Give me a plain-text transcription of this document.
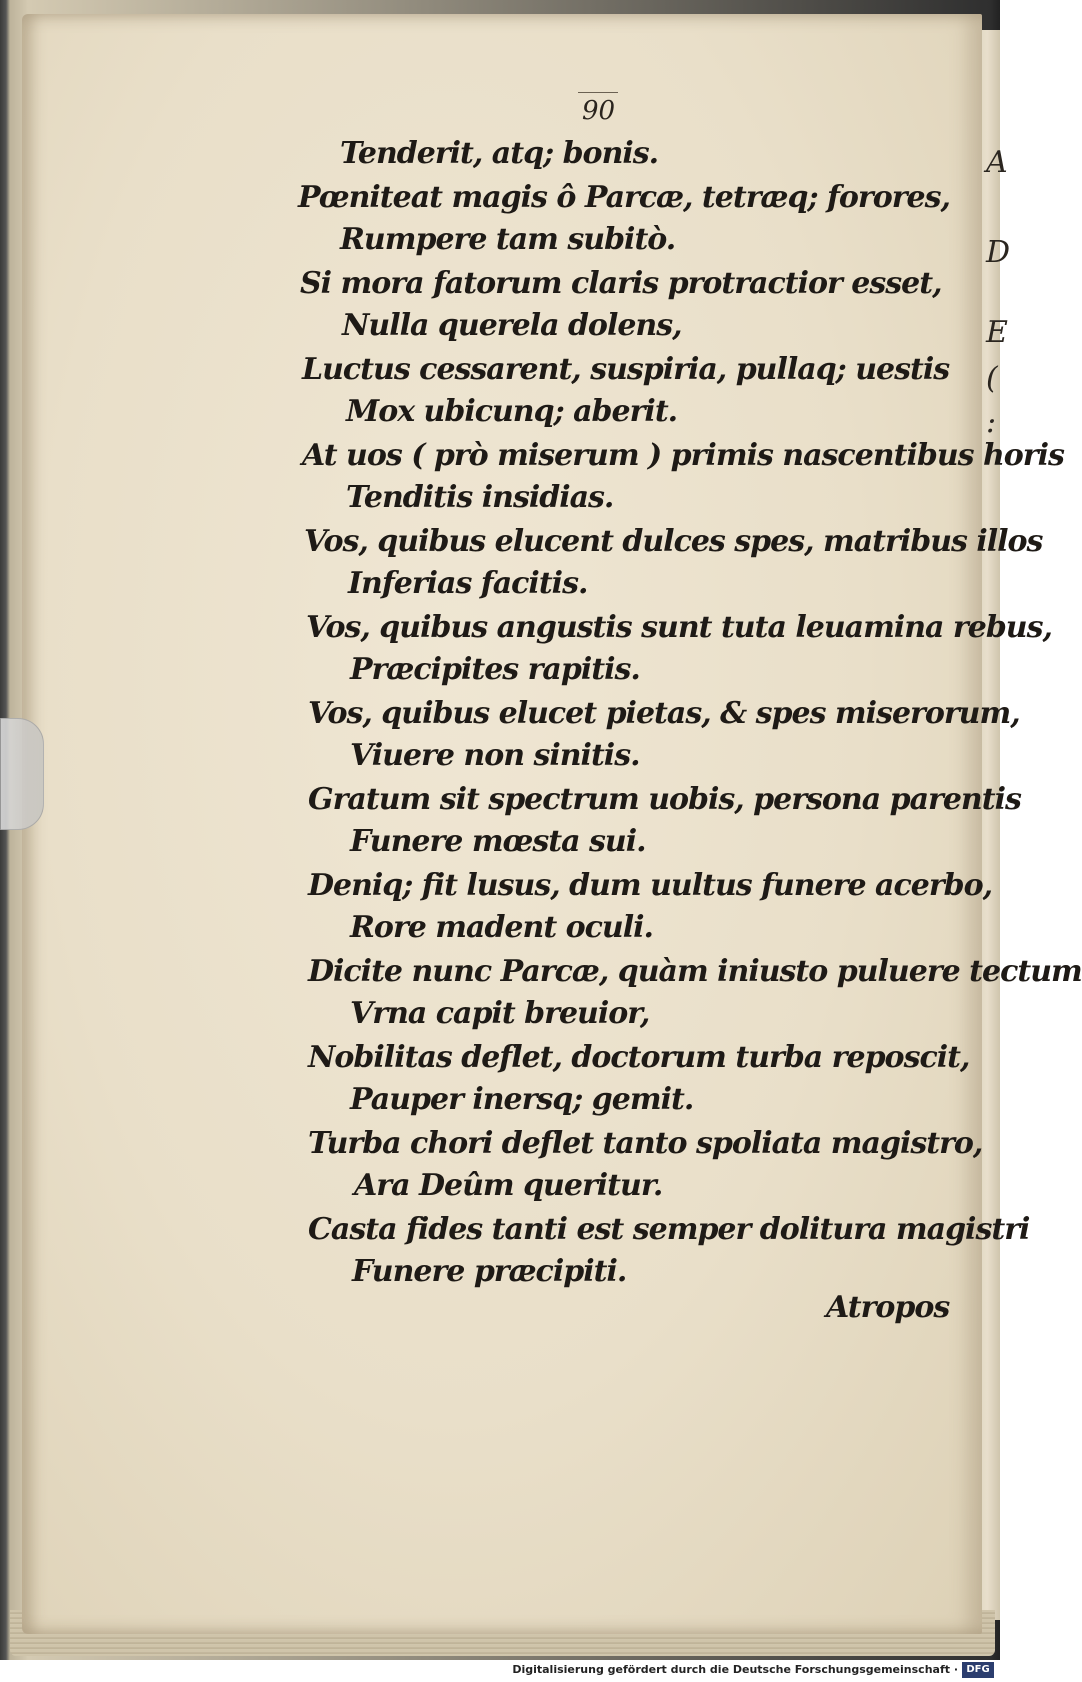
A
D
E
(
:
90
Tenderit, atq; bonis.
Pœniteat magis ô Parcæ, tetræq; forores,
Rumpere tam subitò.
Si mora fatorum claris protractior esset,
Nulla querela dolens,
Luctus cessarent, suspiria, pullaq; uestis
Mox ubicunq; aberit.
At uos ( prò miserum ) primis nascentibus horis
Tenditis insidias.
Vos, quibus elucent dulces spes, matribus illos
Inferias facitis.
Vos, quibus angustis sunt tuta leuamina rebus,
Præcipites rapitis.
Vos, quibus elucet pietas, & spes miserorum,
Viuere non sinitis.
Gratum sit spectrum uobis, persona parentis
Funere mœsta sui.
Deniq; fit lusus, dum uultus funere acerbo,
Rore madent oculi.
Dicite nunc Parcæ, quàm iniusto puluere tectum
Vrna capit breuior,
Nobilitas deflet, doctorum turba reposcit,
Pauper inersq; gemit.
Turba chori deflet tanto spoliata magistro,
Ara Deûm queritur.
Casta fides tanti est semper dolitura magistri
Funere præcipiti.
Atropos
Digitalisierung gefördert durch die Deutsche Forschungsgemeinschaft · DFG
